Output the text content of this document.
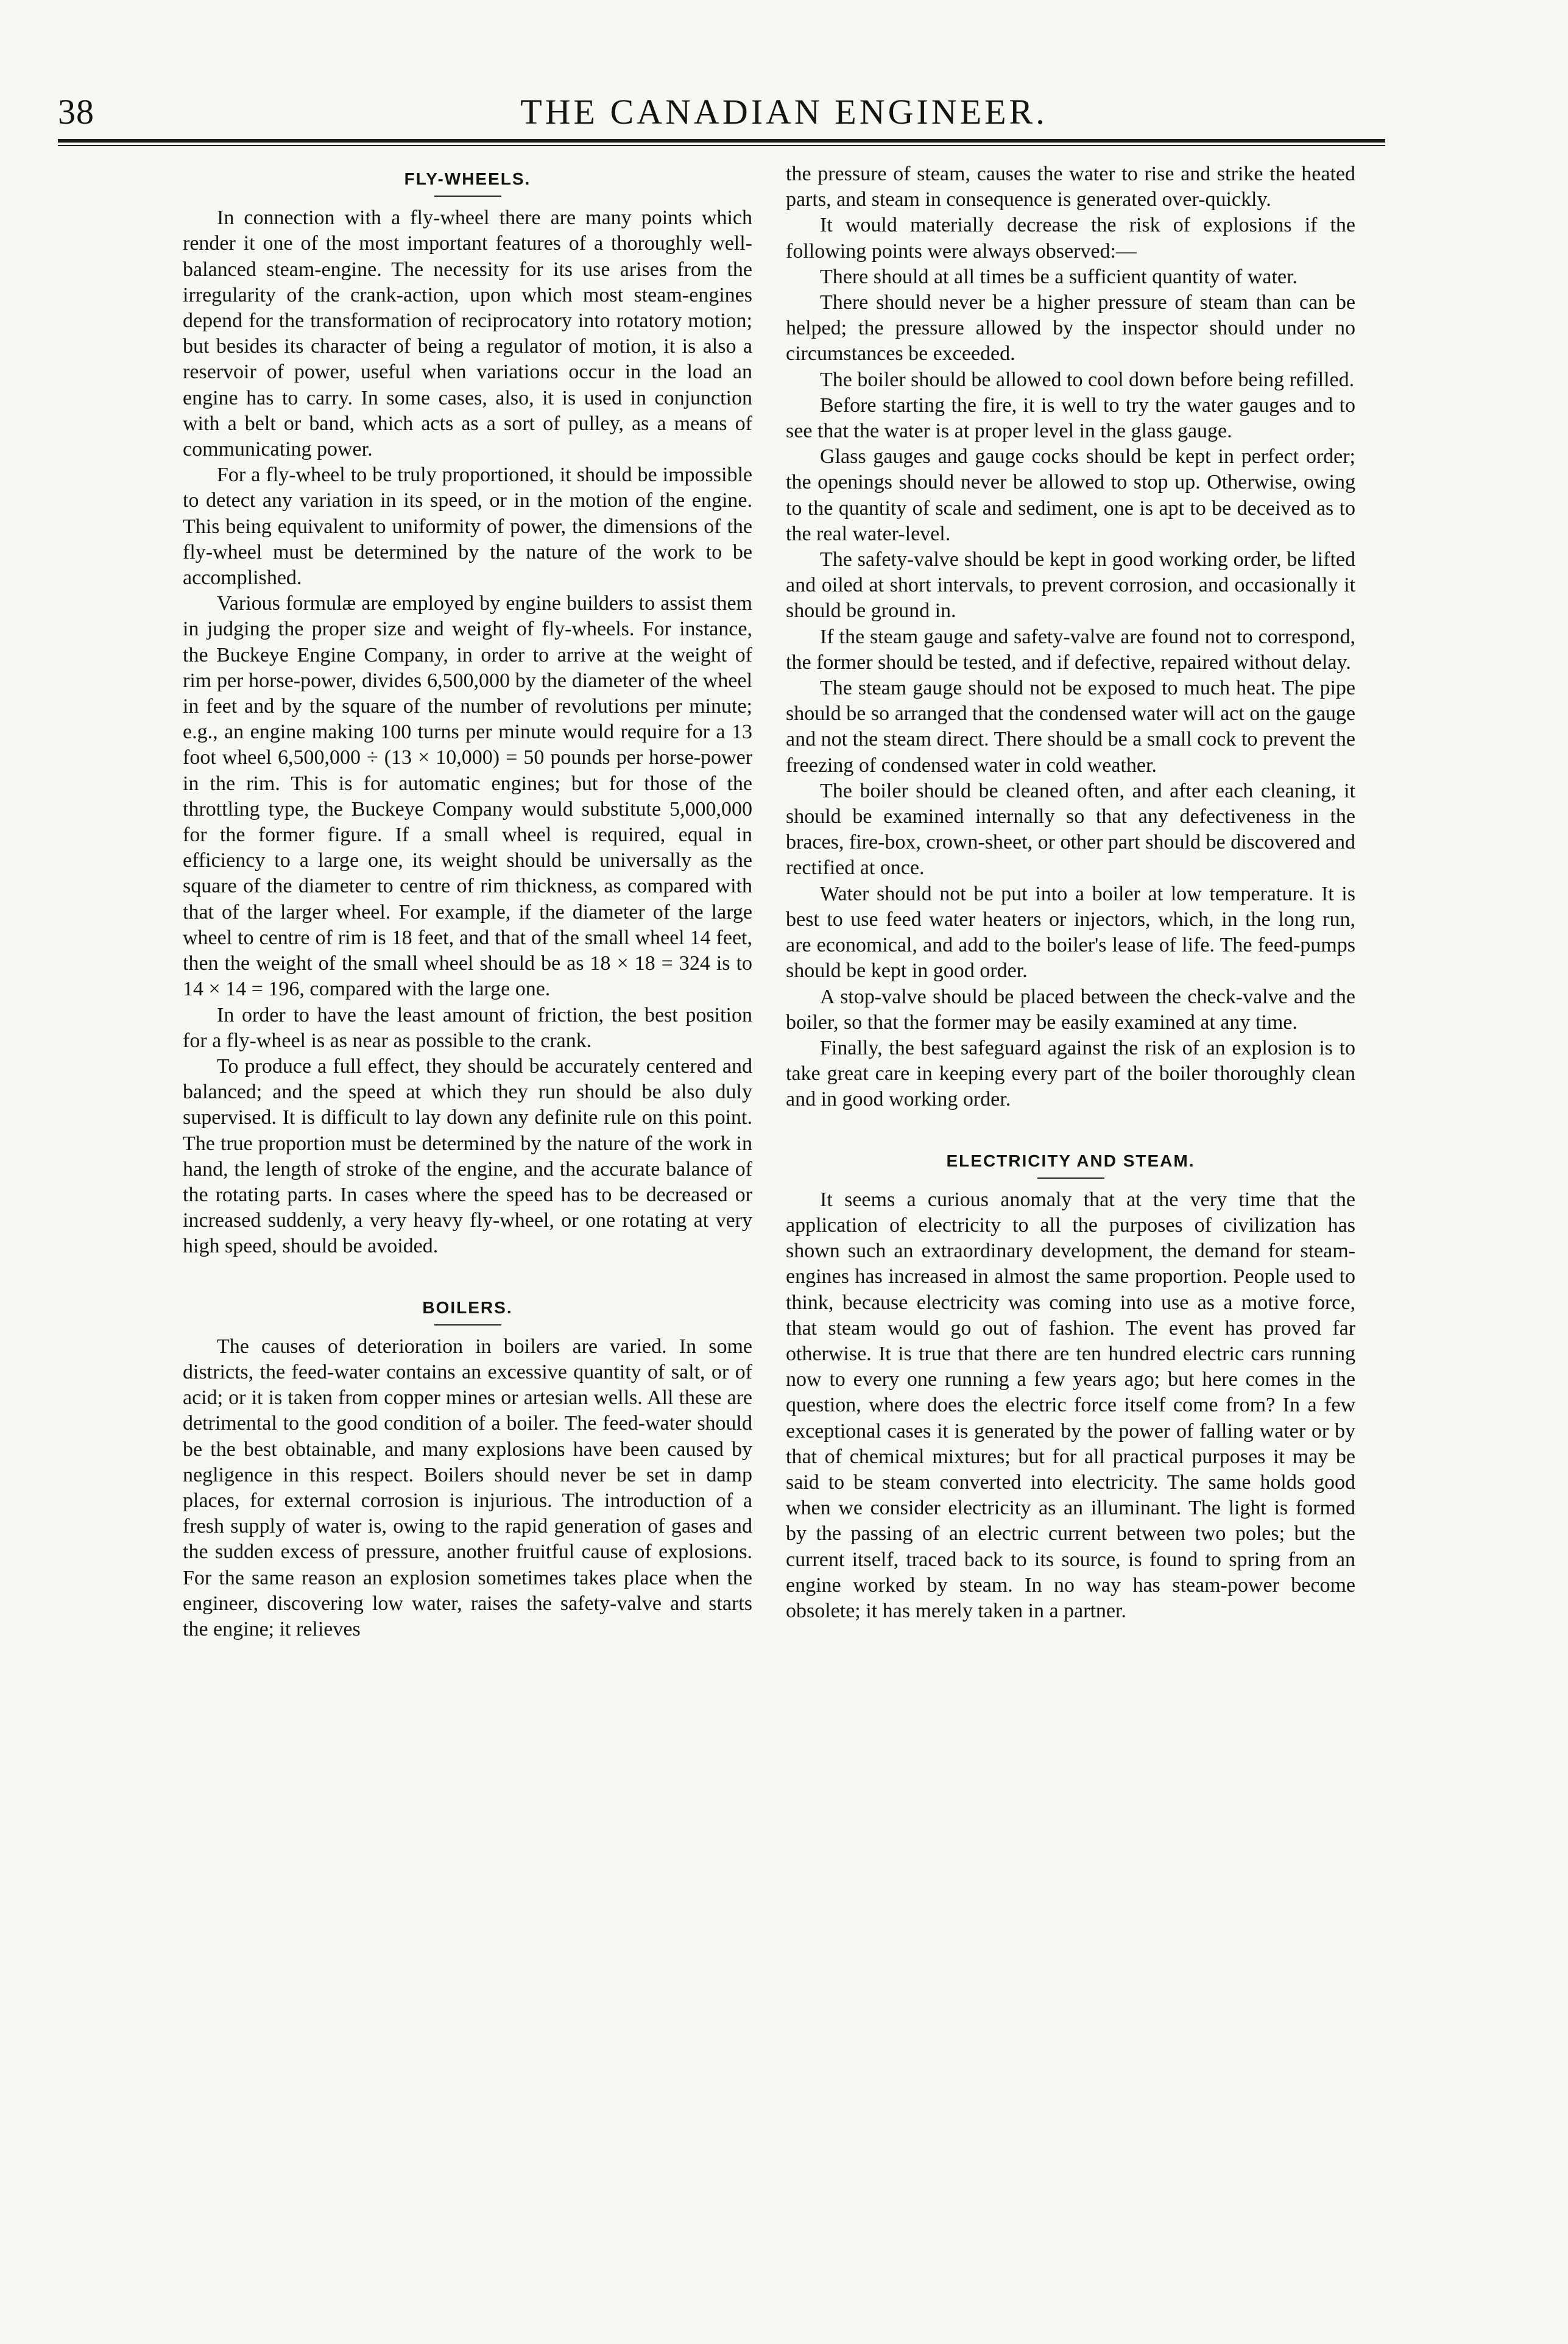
38	THE CANADIAN ENGINEER.
FLY-WHEELS.

In connection with a fly-wheel there are many points which render it one of the most important features of a thoroughly well-balanced steam-engine. The necessity for its use arises from the irregularity of the crank-action, upon which most steam-engines depend for the transformation of reciprocatory into rotatory motion; but besides its character of being a regulator of motion, it is also a reservoir of power, useful when variations occur in the load an engine has to carry. In some cases, also, it is used in conjunction with a belt or band, which acts as a sort of pulley, as a means of communicating power.

For a fly-wheel to be truly proportioned, it should be impossible to detect any variation in its speed, or in the motion of the engine. This being equivalent to uniformity of power, the dimensions of the fly-wheel must be determined by the nature of the work to be accomplished.

Various formulæ are employed by engine builders to assist them in judging the proper size and weight of fly-wheels. For instance, the Buckeye Engine Company, in order to arrive at the weight of rim per horse-power, divides 6,500,000 by the diameter of the wheel in feet and by the square of the number of revolutions per minute; e.g., an engine making 100 turns per minute would require for a 13 foot wheel 6,500,000 ÷ (13 × 10,000) = 50 pounds per horse-power in the rim. This is for automatic engines; but for those of the throttling type, the Buckeye Company would substitute 5,000,000 for the former figure. If a small wheel is required, equal in efficiency to a large one, its weight should be universally as the square of the diameter to centre of rim thickness, as compared with that of the larger wheel. For example, if the diameter of the large wheel to centre of rim is 18 feet, and that of the small wheel 14 feet, then the weight of the small wheel should be as 18 × 18 = 324 is to 14 × 14 = 196, compared with the large one.

In order to have the least amount of friction, the best position for a fly-wheel is as near as possible to the crank.

To produce a full effect, they should be accurately centered and balanced; and the speed at which they run should be also duly supervised. It is difficult to lay down any definite rule on this point. The true proportion must be determined by the nature of the work in hand, the length of stroke of the engine, and the accurate balance of the rotating parts. In cases where the speed has to be decreased or increased suddenly, a very heavy fly-wheel, or one rotating at very high speed, should be avoided.

BOILERS.

The causes of deterioration in boilers are varied. In some districts, the feed-water contains an excessive quantity of salt, or of acid; or it is taken from copper mines or artesian wells. All these are detrimental to the good condition of a boiler. The feed-water should be the best obtainable, and many explosions have been caused by negligence in this respect. Boilers should never be set in damp places, for external corrosion is injurious. The introduction of a fresh supply of water is, owing to the rapid generation of gases and the sudden excess of pressure, another fruitful cause of explosions. For the same reason an explosion sometimes takes place when the engineer, discovering low water, raises the safety-valve and starts the engine; it relieves

the pressure of steam, causes the water to rise and strike the heated parts, and steam in consequence is generated over-quickly.

It would materially decrease the risk of explosions if the following points were always observed:—

There should at all times be a sufficient quantity of water.

There should never be a higher pressure of steam than can be helped; the pressure allowed by the inspector should under no circumstances be exceeded.

The boiler should be allowed to cool down before being refilled.

Before starting the fire, it is well to try the water gauges and to see that the water is at proper level in the glass gauge.

Glass gauges and gauge cocks should be kept in perfect order; the openings should never be allowed to stop up. Otherwise, owing to the quantity of scale and sediment, one is apt to be deceived as to the real water-level.

The safety-valve should be kept in good working order, be lifted and oiled at short intervals, to prevent corrosion, and occasionally it should be ground in.

If the steam gauge and safety-valve are found not to correspond, the former should be tested, and if defective, repaired without delay.

The steam gauge should not be exposed to much heat. The pipe should be so arranged that the condensed water will act on the gauge and not the steam direct. There should be a small cock to prevent the freezing of condensed water in cold weather.

The boiler should be cleaned often, and after each cleaning, it should be examined internally so that any defectiveness in the braces, fire-box, crown-sheet, or other part should be discovered and rectified at once.

Water should not be put into a boiler at low temperature. It is best to use feed water heaters or injectors, which, in the long run, are economical, and add to the boiler's lease of life. The feed-pumps should be kept in good order.

A stop-valve should be placed between the check-valve and the boiler, so that the former may be easily examined at any time.

Finally, the best safeguard against the risk of an explosion is to take great care in keeping every part of the boiler thoroughly clean and in good working order.

ELECTRICITY AND STEAM.

It seems a curious anomaly that at the very time that the application of electricity to all the purposes of civilization has shown such an extraordinary development, the demand for steam-engines has increased in almost the same proportion. People used to think, because electricity was coming into use as a motive force, that steam would go out of fashion. The event has proved far otherwise. It is true that there are ten hundred electric cars running now to every one running a few years ago; but here comes in the question, where does the electric force itself come from? In a few exceptional cases it is generated by the power of falling water or by that of chemical mixtures; but for all practical purposes it may be said to be steam converted into electricity. The same holds good when we consider electricity as an illuminant. The light is formed by the passing of an electric current between two poles; but the current itself, traced back to its source, is found to spring from an engine worked by steam. In no way has steam-power become obsolete; it has merely taken in a partner.
